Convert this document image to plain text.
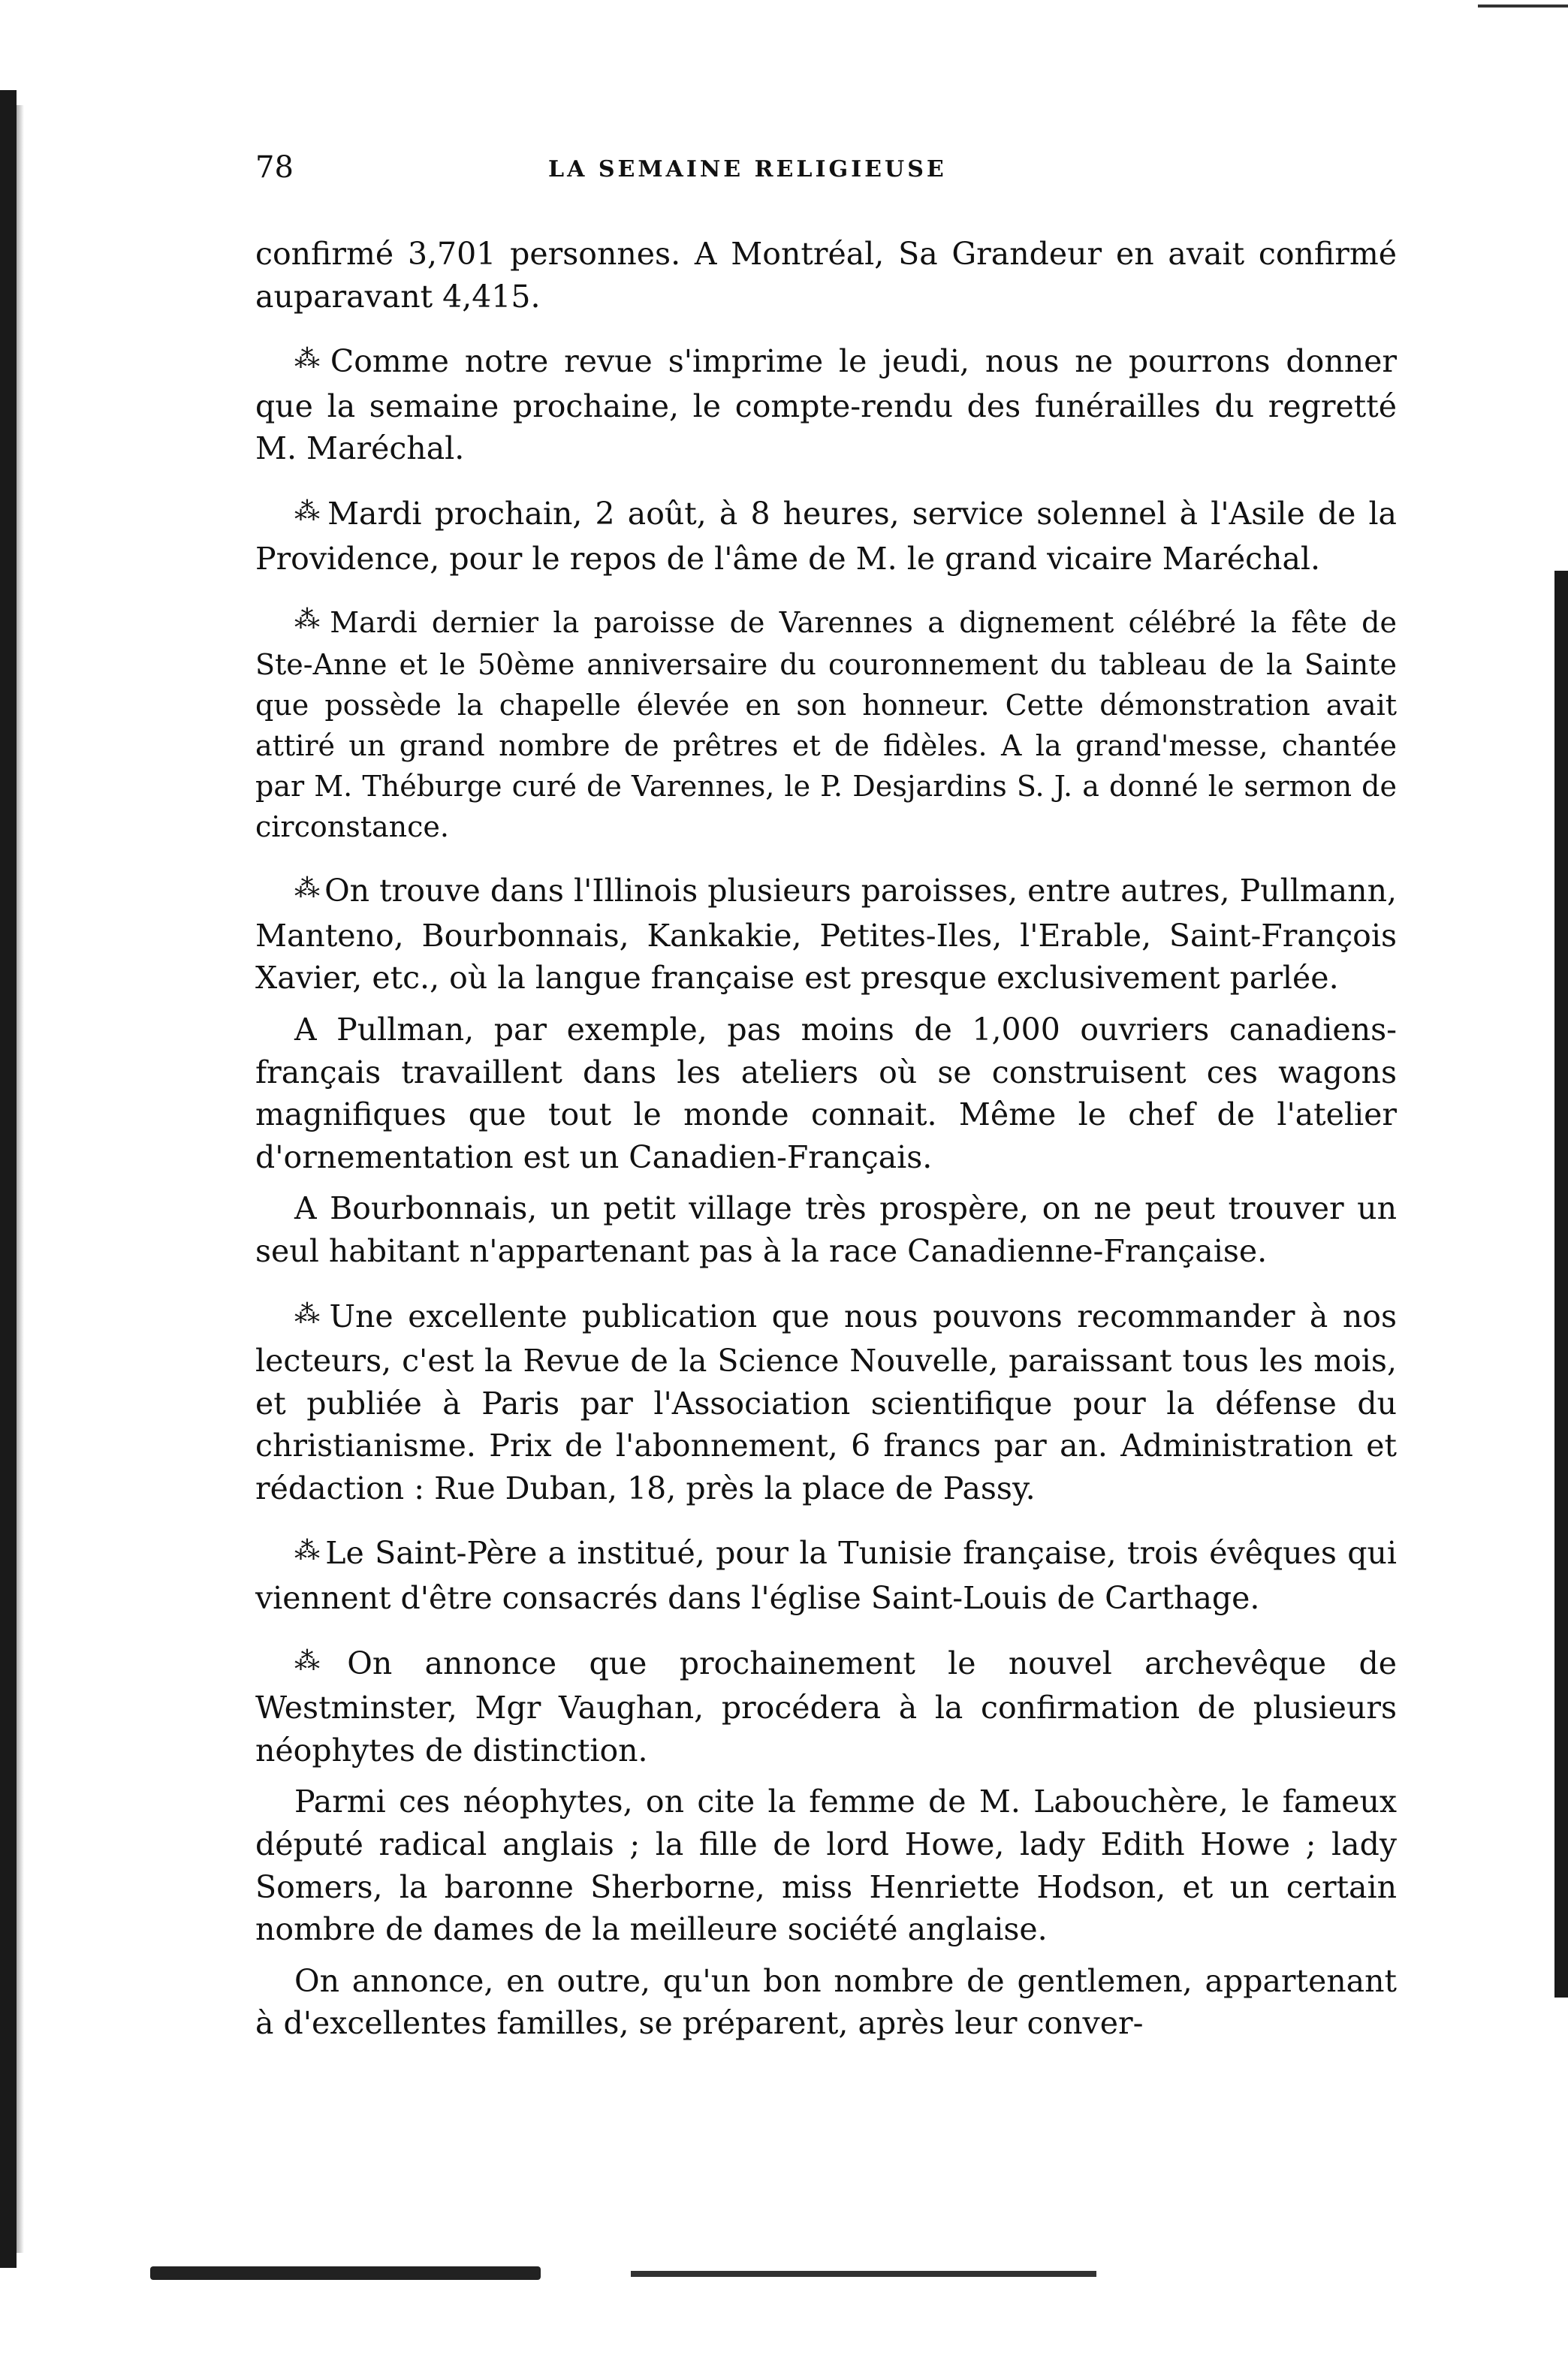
78	LA SEMAINE RELIGIEUSE

confirmé 3,701 personnes. A Montréal, Sa Grandeur en avait confirmé auparavant 4,415.

⁂ Comme notre revue s'imprime le jeudi, nous ne pourrons donner que la semaine prochaine, le compte-rendu des funérailles du regretté M. Maréchal.

⁂ Mardi prochain, 2 août, à 8 heures, service solennel à l'Asile de la Providence, pour le repos de l'âme de M. le grand vicaire Maréchal.

⁂ Mardi dernier la paroisse de Varennes a dignement célébré la fête de Ste-Anne et le 50ème anniversaire du couronnement du tableau de la Sainte que possède la chapelle élevée en son honneur. Cette démonstration avait attiré un grand nombre de prêtres et de fidèles. A la grand'messe, chantée par M. Théburge curé de Varennes, le P. Desjardins S. J. a donné le sermon de circonstance.

⁂ On trouve dans l'Illinois plusieurs paroisses, entre autres, Pullmann, Manteno, Bourbonnais, Kankakie, Petites-Iles, l'Erable, Saint-François Xavier, etc., où la langue française est presque exclusivement parlée.

A Pullman, par exemple, pas moins de 1,000 ouvriers canadiens-français travaillent dans les ateliers où se construisent ces wagons magnifiques que tout le monde connait. Même le chef de l'atelier d'ornementation est un Canadien-Français.

A Bourbonnais, un petit village très prospère, on ne peut trouver un seul habitant n'appartenant pas à la race Canadienne-Française.

⁂ Une excellente publication que nous pouvons recommander à nos lecteurs, c'est la Revue de la Science Nouvelle, paraissant tous les mois, et publiée à Paris par l'Association scientifique pour la défense du christianisme. Prix de l'abonnement, 6 francs par an. Administration et rédaction : Rue Duban, 18, près la place de Passy.

⁂ Le Saint-Père a institué, pour la Tunisie française, trois évêques qui viennent d'être consacrés dans l'église Saint-Louis de Carthage.

⁂ On annonce que prochainement le nouvel archevêque de Westminster, Mgr Vaughan, procédera à la confirmation de plusieurs néophytes de distinction.

Parmi ces néophytes, on cite la femme de M. Labouchère, le fameux député radical anglais ; la fille de lord Howe, lady Edith Howe ; lady Somers, la baronne Sherborne, miss Henriette Hodson, et un certain nombre de dames de la meilleure société anglaise.

On annonce, en outre, qu'un bon nombre de gentlemen, appartenant à d'excellentes familles, se préparent, après leur conver-
